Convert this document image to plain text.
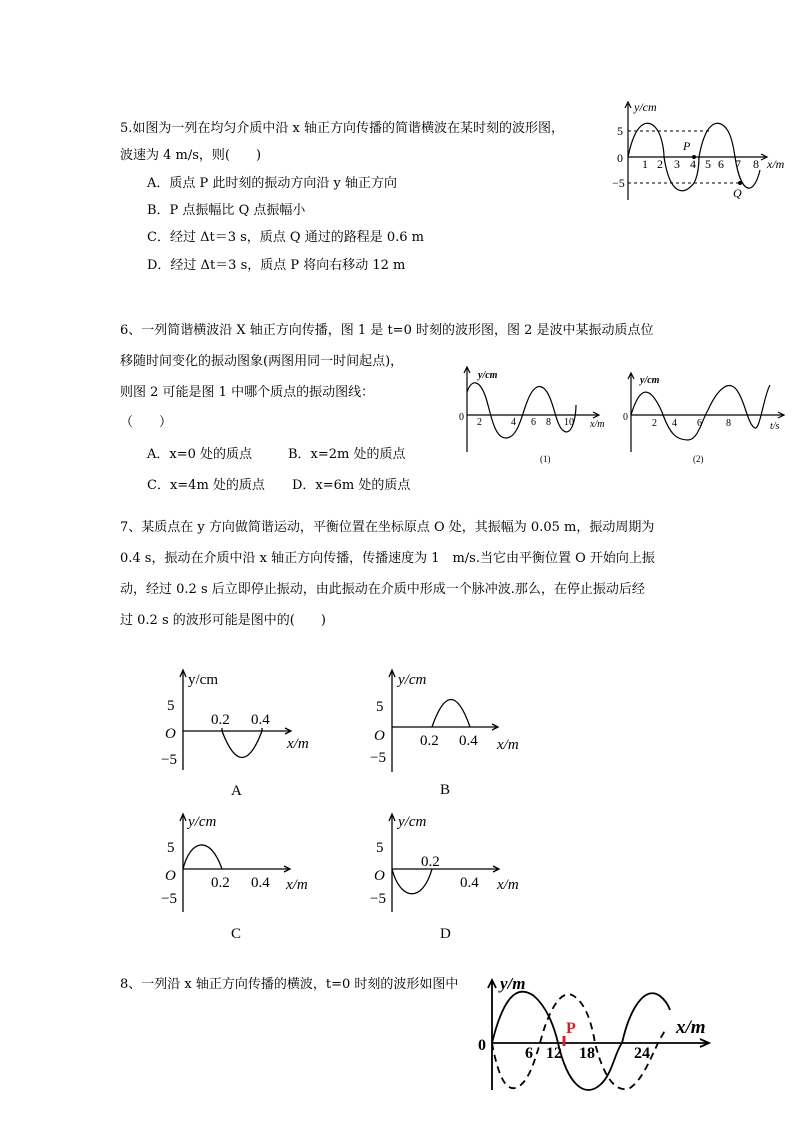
5.如图为一列在均匀介质中沿 x 轴正方向传播的简谐横波在某时刻的波形图，
波速为 4 m/s，则(　　)
A．质点 P 此时刻的振动方向沿 y 轴正方向
B．P 点振幅比 Q 点振幅小
C．经过 Δt＝3 s，质点 Q 通过的路程是 0.6 m
D．经过 Δt＝3 s，质点 P 将向右移动 12 m
y/cm
x/m
5
−5
0 1 2 3 4 5 6 7 8
P
Q
6、一列简谐横波沿 X 轴正方向传播，图 1 是 t=0 时刻的波形图，图 2 是波中某振动质点位
移随时间变化的振动图象(两图用同一时间起点)，
则图 2 可能是图 1 中哪个质点的振动图线：
（　　）
A．x=0 处的质点	B．x=2m 处的质点
C．x=4m 处的质点 D．x=6m 处的质点
y/cm
x/m
0 2	4 6 8 10
(1)
y/cm
t/s
0
2 4 6 8
(2)
7、某质点在 y 方向做简谐运动，平衡位置在坐标原点 O 处，其振幅为 0.05 m，振动周期为
0.4 s，振动在介质中沿 x 轴正方向传播，传播速度为 1　m/s.当它由平衡位置 O 开始向上振
动，经过 0.2 s 后立即停止振动，由此振动在介质中形成一个脉冲波.那么，在停止振动后经
过 0.2 s 的波形可能是图中的(　　)
y/cm
x/m
5
−5
O
0.2 0.4
A
y/cm
x/m
5
−5
O 0.2 0.4
B
y/cm
x/m
5
−5
O 0.2 0.4
C
y/cm
x/m
5
−5
O
0.2
0.4
D
8、一列沿 x 轴正方向传播的横波，t=0 时刻的波形如图中 y/m
x/m
0 6 12 18 24
P
